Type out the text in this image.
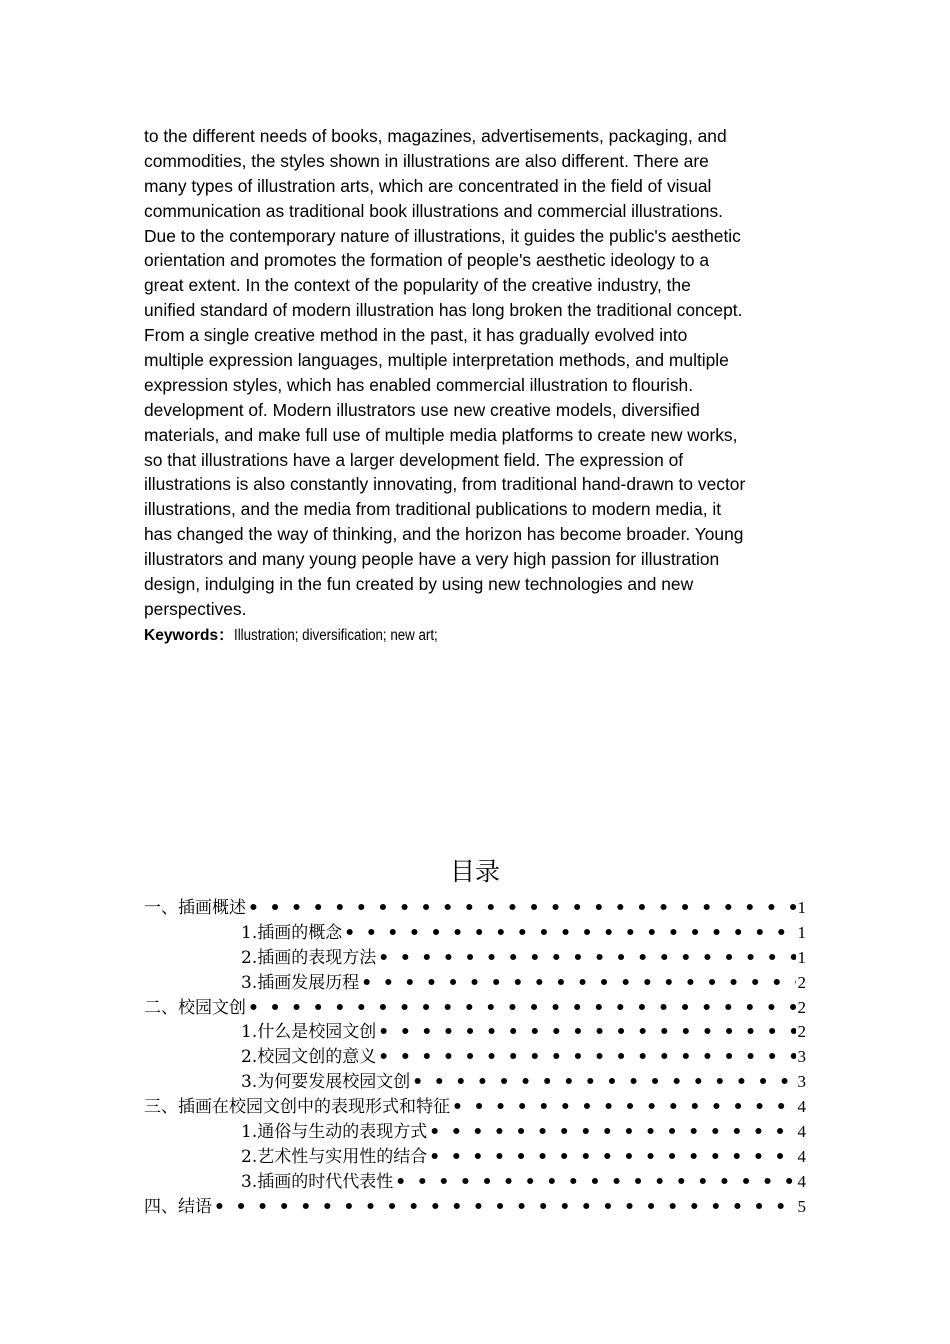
to the different needs of books, magazines, advertisements, packaging, and
commodities, the styles shown in illustrations are also different. There are
many types of illustration arts, which are concentrated in the field of visual
communication as traditional book illustrations and commercial illustrations.
Due to the contemporary nature of illustrations, it guides the public's aesthetic
orientation and promotes the formation of people's aesthetic ideology to a
great extent. In the context of the popularity of the creative industry, the
unified standard of modern illustration has long broken the traditional concept.
From a single creative method in the past, it has gradually evolved into
multiple expression languages, multiple interpretation methods, and multiple
expression styles, which has enabled commercial illustration to flourish.
development of. Modern illustrators use new creative models, diversified
materials, and make full use of multiple media platforms to create new works,
so that illustrations have a larger development field. The expression of
illustrations is also constantly innovating, from traditional hand-drawn to vector
illustrations, and the media from traditional publications to modern media, it
has changed the way of thinking, and the horizon has become broader. Young
illustrators and many young people have a very high passion for illustration
design, indulging in the fun created by using new technologies and new
perspectives.
Keywords：Illustration; diversification; new art;
目录
一、插画概述 • • •	1
1.插画的概念 • • •	1
2.插画的表现方法 • • •	1
3.插画发展历程 • • •	2
二、校园文创 • • •	2
1.什么是校园文创 • • •	2
2.校园文创的意义 • • •	3
3.为何要发展校园文创 • • •	3
三、插画在校园文创中的表现形式和特征 • • •	4
1.通俗与生动的表现方式 • • •	4
2.艺术性与实用性的结合 • • •	4
3.插画的时代代表性 • • •	4
四、结语 • • •	5
